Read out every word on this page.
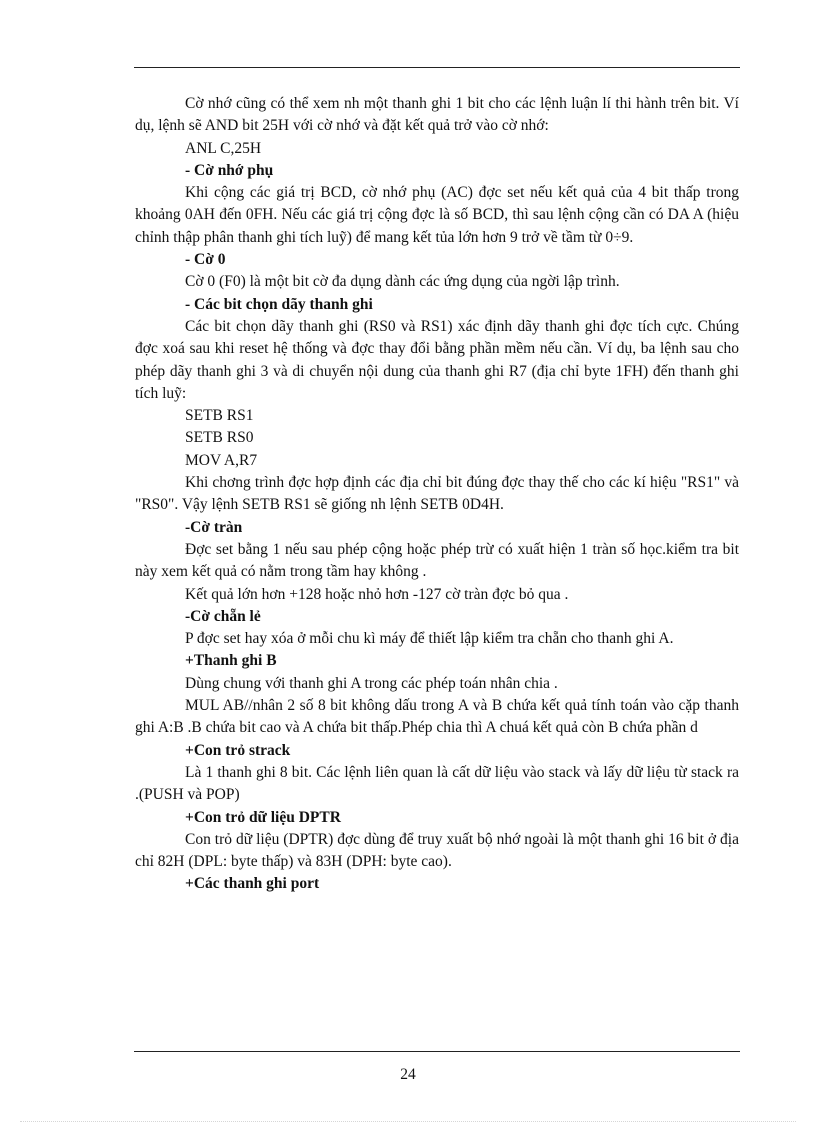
Cờ nhớ cũng có thể xem nh một thanh ghi 1 bit cho các lệnh luận lí thi hành trên bit. Ví dụ, lệnh sẽ AND bit 25H với cờ nhớ và đặt kết quả trở vào cờ nhớ:

ANL C,25H

- Cờ nhớ phụ

Khi cộng các giá trị BCD, cờ nhớ phụ (AC) đợc set nếu kết quả của 4 bit thấp trong khoảng 0AH đến 0FH. Nếu các giá trị cộng đợc là số BCD, thì sau lệnh cộng cần có DA A (hiệu chỉnh thập phân thanh ghi tích luỹ) để mang kết tủa lớn hơn 9 trở về tầm từ 0÷9.

- Cờ 0

Cờ 0 (F0) là một bit cờ đa dụng dành các ứng dụng của ngời lập trình.

- Các bit chọn dãy thanh ghi

Các bit chọn dãy thanh ghi (RS0 và RS1) xác định dãy thanh ghi đợc tích cực. Chúng đợc xoá sau khi reset hệ thống và đợc thay đổi bằng phần mềm nếu cần. Ví dụ, ba lệnh sau cho phép dãy thanh ghi 3 và di chuyển nội dung của thanh ghi R7 (địa chỉ byte 1FH) đến thanh ghi tích luỹ:

SETB RS1

SETB RS0

MOV A,R7

Khi chơng trình đợc hợp định các địa chỉ bit đúng đợc thay thế cho các kí hiệu "RS1" và "RS0". Vậy lệnh SETB RS1 sẽ giống nh lệnh SETB 0D4H.

-Cờ tràn

Đợc set bằng 1 nếu sau phép cộng hoặc phép trừ có xuất hiện 1 tràn số học.kiểm tra bit này xem kết quả có nằm trong tầm hay không .

Kết quả lớn hơn +128 hoặc nhỏ hơn -127 cờ tràn đợc bỏ qua .

-Cờ chẵn lẻ

P đợc set hay xóa ở mỗi chu kì máy để thiết lập kiểm tra chẵn cho thanh ghi A.

+Thanh ghi B

Dùng chung với thanh ghi A trong các phép toán nhân chia .

MUL AB//nhân 2 số 8 bit không dấu trong A và B chứa kết quả tính toán vào cặp thanh ghi A:B .B chứa bit cao và A chứa bit thấp.Phép chia thì A chuá kết quả còn B chứa phần d

+Con trỏ strack

Là 1 thanh ghi 8 bit. Các lệnh liên quan là cất dữ liệu vào stack và lấy dữ liệu từ stack ra .(PUSH và POP)

+Con trỏ dữ liệu DPTR

Con trỏ dữ liệu (DPTR) đợc dùng để truy xuất bộ nhớ ngoài là một thanh ghi 16 bit ở địa chỉ 82H (DPL: byte thấp) và 83H (DPH: byte cao).

+Các thanh ghi port

24
